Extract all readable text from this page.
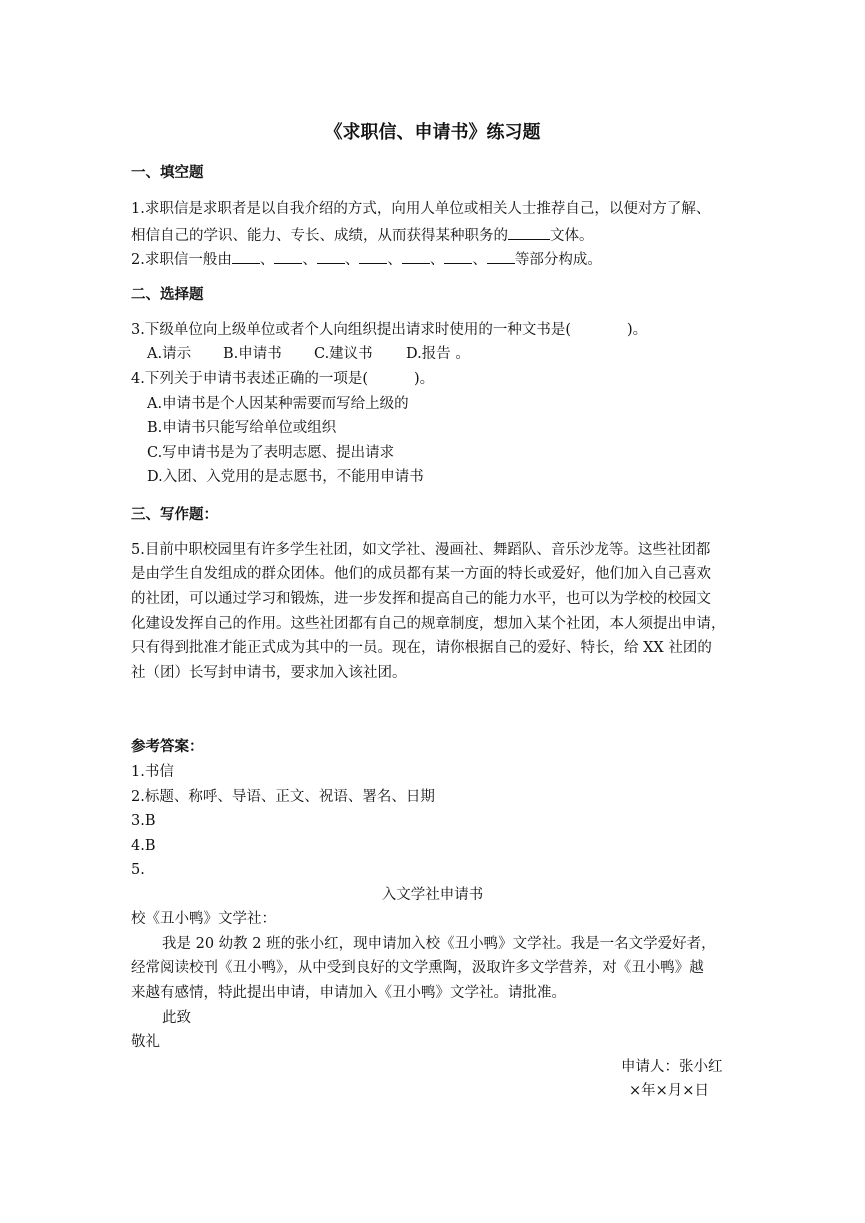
《求职信、申请书》练习题
一、填空题
1.求职信是求职者是以自我介绍的方式，向用人单位或相关人士推荐自己，以便对方了解、
相信自己的学识、能力、专长、成绩，从而获得某种职务的	文体。
2.求职信一般由 、 、 、 、 、 、 等部分构成。
二、选择题
3.下级单位向上级单位或者个人向组织提出请求时使用的一种文书是(	)。
A.请示 B.申请书 C.建议书 D.报告 。
4.下列关于申请书表述正确的一项是(	)。
A.申请书是个人因某种需要而写给上级的
B.申请书只能写给单位或组织
C.写申请书是为了表明志愿、提出请求
D.入团、入党用的是志愿书，不能用申请书
三、写作题：
5.目前中职校园里有许多学生社团，如文学社、漫画社、舞蹈队、音乐沙龙等。这些社团都
是由学生自发组成的群众团体。他们的成员都有某一方面的特长或爱好，他们加入自己喜欢
的社团，可以通过学习和锻炼，进一步发挥和提高自己的能力水平，也可以为学校的校园文
化建设发挥自己的作用。这些社团都有自己的规章制度，想加入某个社团，本人须提出申请，
只有得到批准才能正式成为其中的一员。现在，请你根据自己的爱好、特长，给 XX 社团的
社（团）长写封申请书，要求加入该社团。
参考答案：
1.书信
2.标题、称呼、导语、正文、祝语、署名、日期
3.B
4.B
5.
入文学社申请书
校《丑小鸭》文学社：
我是 20 幼教 2 班的张小红，现申请加入校《丑小鸭》文学社。我是一名文学爱好者，
经常阅读校刊《丑小鸭》，从中受到良好的文学熏陶，汲取许多文学营养，对《丑小鸭》越
来越有感情，特此提出申请，申请加入《丑小鸭》文学社。请批准。
此致
敬礼
申请人：张小红
×年×月×日
